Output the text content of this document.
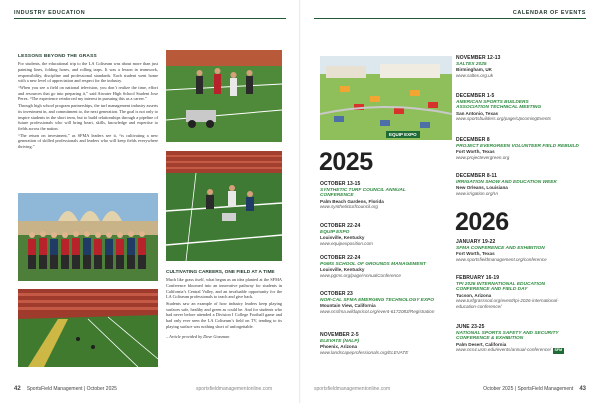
INDUSTRY EDUCATION	CALENDAR OF EVENTS
LESSONS BEYOND THE GRASS

For students, the educational trip to the LA Coliseum was about more than just painting lines, folding hoses, and rolling tarps. It was a lesson in teamwork, responsibility, discipline and professional standards. Each student went home with a new level of appreciation and respect for the industry.

“When you see a field on national television, you don’t realize the time, effort and resources that go into preparing it,” said Atwater High School Student Jose Perez. “The experience reinforced my interest in pursuing this as a career.”

Through high school program partnerships, the turf management industry asserts its investment in, and commitment to, the next generation. The goal is not only to inspire students in the short term, but to build relationships through a pipeline of future professionals who will bring heart, skills, knowledge and expertise to fields across the nation.

“The return on investment,” as SFMA leaders see it, “is cultivating a new generation of skilled professionals and leaders who will keep fields everywhere thriving.”

CULTIVATING CAREERS, ONE FIELD AT A TIME

Much like grass itself, what began as an idea planted at the SFMA Conference bloomed into an innovative pathway for students in California’s Central Valley, and an invaluable opportunity for the LA Coliseum professionals to teach and give back.

Students saw an example of how industry leaders keep playing surfaces safe, healthy and green as could be. And for students who had never before attended a Division I College Football game and had only ever seen the LA Coliseum’s field on TV, tending to its playing surface was nothing short of unforgettable.

– Article provided by Dave Gossman

EQUIP EXPO
2025
OCTOBER 13-15
SYNTHETIC TURF COUNCIL ANNUAL CONFERENCE
Palm Beach Gardens, Florida
www.syntheticturfcouncil.org
OCTOBER 22-24
EQUIP EXPO
Louisville, Kentucky
www.equipexposition.com
OCTOBER 22-24
PGMS SCHOOL OF GROUNDS MANAGEMENT
Louisville, Kentucky
www.pgms.org/page/AnnualConference
OCTOBER 23
NOR-CAL SFMA EMERGING TECHNOLOGY EXPO
Mountain View, California
www.ncsfma.wildapricot.org/event-6172083/Registration
NOVEMBER 2-5
ELEVATE (NALP)
Phoenix, Arizona
www.landscapeprofessionals.org/ELEVATE
NOVEMBER 12-13
SALTEX 2025
Birmingham, UK
www.saltex.org.uk
DECEMBER 1-5
AMERICAN SPORTS BUILDERS ASSOCIATION TECHNICAL MEETING
San Antonio, Texas
www.sportsbuilders.org/page/UpcomingEvents
DECEMBER 8
PROJECT EVERGREEN VOLUNTEER FIELD REBUILD
Fort Worth, Texas
www.projectevergreen.org
DECEMBER 8-11
IRRIGATION SHOW AND EDUCATION WEEK
New Orleans, Louisiana
www.irrigation.org/IA
2026
JANUARY 19-22
SFMA CONFERENCE AND EXHIBITION
Fort Worth, Texas
www.sportsfieldmanagement.org/conference
FEBRUARY 16-19
TPI 2026 INTERNATIONAL EDUCATION CONFERENCE AND FIELD DAY
Tucson, Arizona
www.turfgrasssod.org/event/tpi-2026-international-education-conference/
JUNE 23-25
NATIONAL SPORTS SAFETY AND SECURITY CONFERENCE & EXHIBITION
Palm Desert, California
www.ncs4.usm.edu/events/annual-conference/ SFM
42 SportsField Management | October 2025	sportsfieldmanagementonline.com	sportsfieldmanagementonline.com	October 2025 | SportsField Management 43
